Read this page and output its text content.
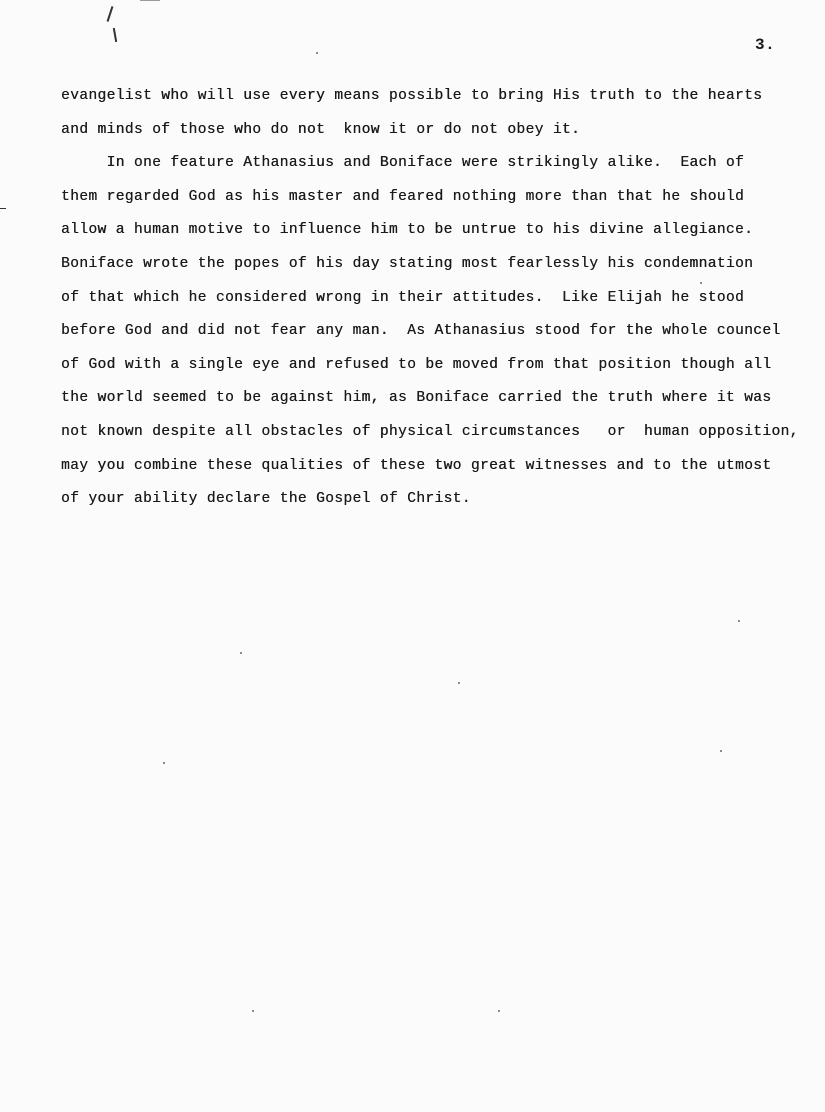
3.
evangelist who will use every means possible to bring His truth to the hearts
and minds of those who do not  know it or do not obey it.
In one feature Athanasius and Boniface were strikingly alike.  Each of
them regarded God as his master and feared nothing more than that he should
allow a human motive to influence him to be untrue to his divine allegiance.
Boniface wrote the popes of his day stating most fearlessly his condemnation
of that which he considered wrong in their attitudes.  Like Elijah he stood
before God and did not fear any man.  As Athanasius stood for the whole councel
of God with a single eye and refused to be moved from that position though all
the world seemed to be against him, as Boniface carried the truth where it was
not known despite all obstacles of physical circumstances   or  human opposition,
may you combine these qualities of these two great witnesses and to the utmost
of your ability declare the Gospel of Christ.
